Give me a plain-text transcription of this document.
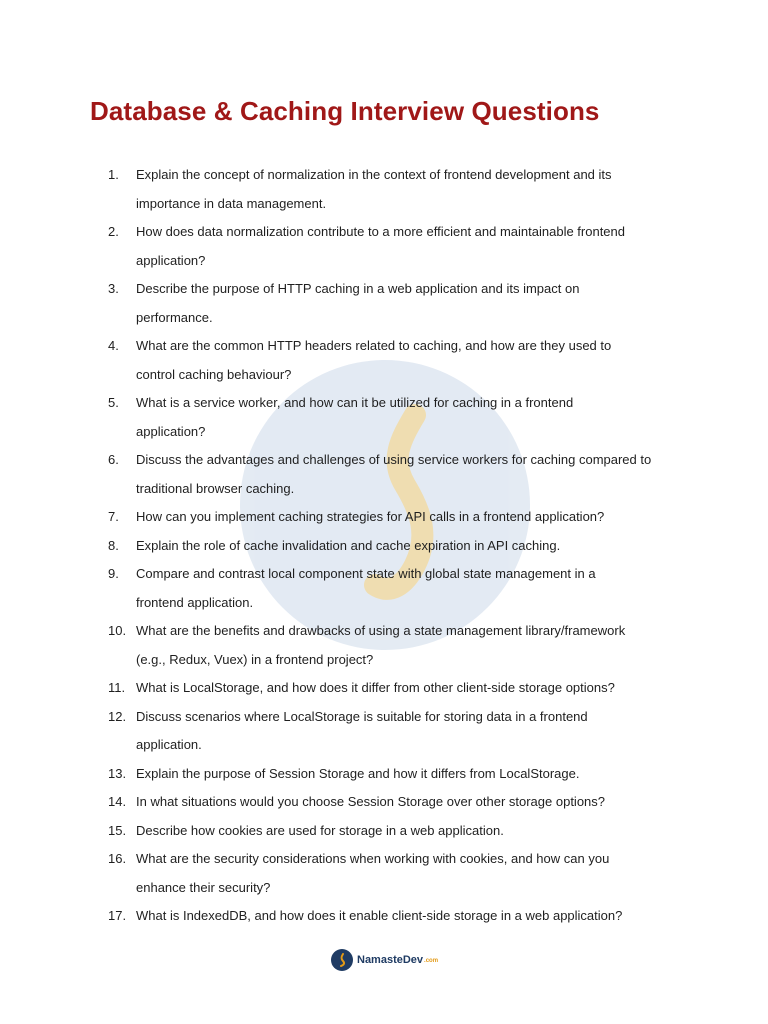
Database & Caching Interview Questions
1.	Explain the concept of normalization in the context of frontend development and its
importance in data management.
2.	How does data normalization contribute to a more efficient and maintainable frontend
application?
3.	Describe the purpose of HTTP caching in a web application and its impact on
performance.
4.	What are the common HTTP headers related to caching, and how are they used to
control caching behaviour?
5.	What is a service worker, and how can it be utilized for caching in a frontend
application?
6.	Discuss the advantages and challenges of using service workers for caching compared to
traditional browser caching.
7.	How can you implement caching strategies for API calls in a frontend application?
8.	Explain the role of cache invalidation and cache expiration in API caching.
9.	Compare and contrast local component state with global state management in a
frontend application.
10. What are the benefits and drawbacks of using a state management library/framework
(e.g., Redux, Vuex) in a frontend project?
11. What is LocalStorage, and how does it differ from other client-side storage options?
12. Discuss scenarios where LocalStorage is suitable for storing data in a frontend
application.
13. Explain the purpose of Session Storage and how it differs from LocalStorage.
14. In what situations would you choose Session Storage over other storage options?
15. Describe how cookies are used for storage in a web application.
16. What are the security considerations when working with cookies, and how can you
enhance their security?
17. What is IndexedDB, and how does it enable client-side storage in a web application?
NamasteDev .com
